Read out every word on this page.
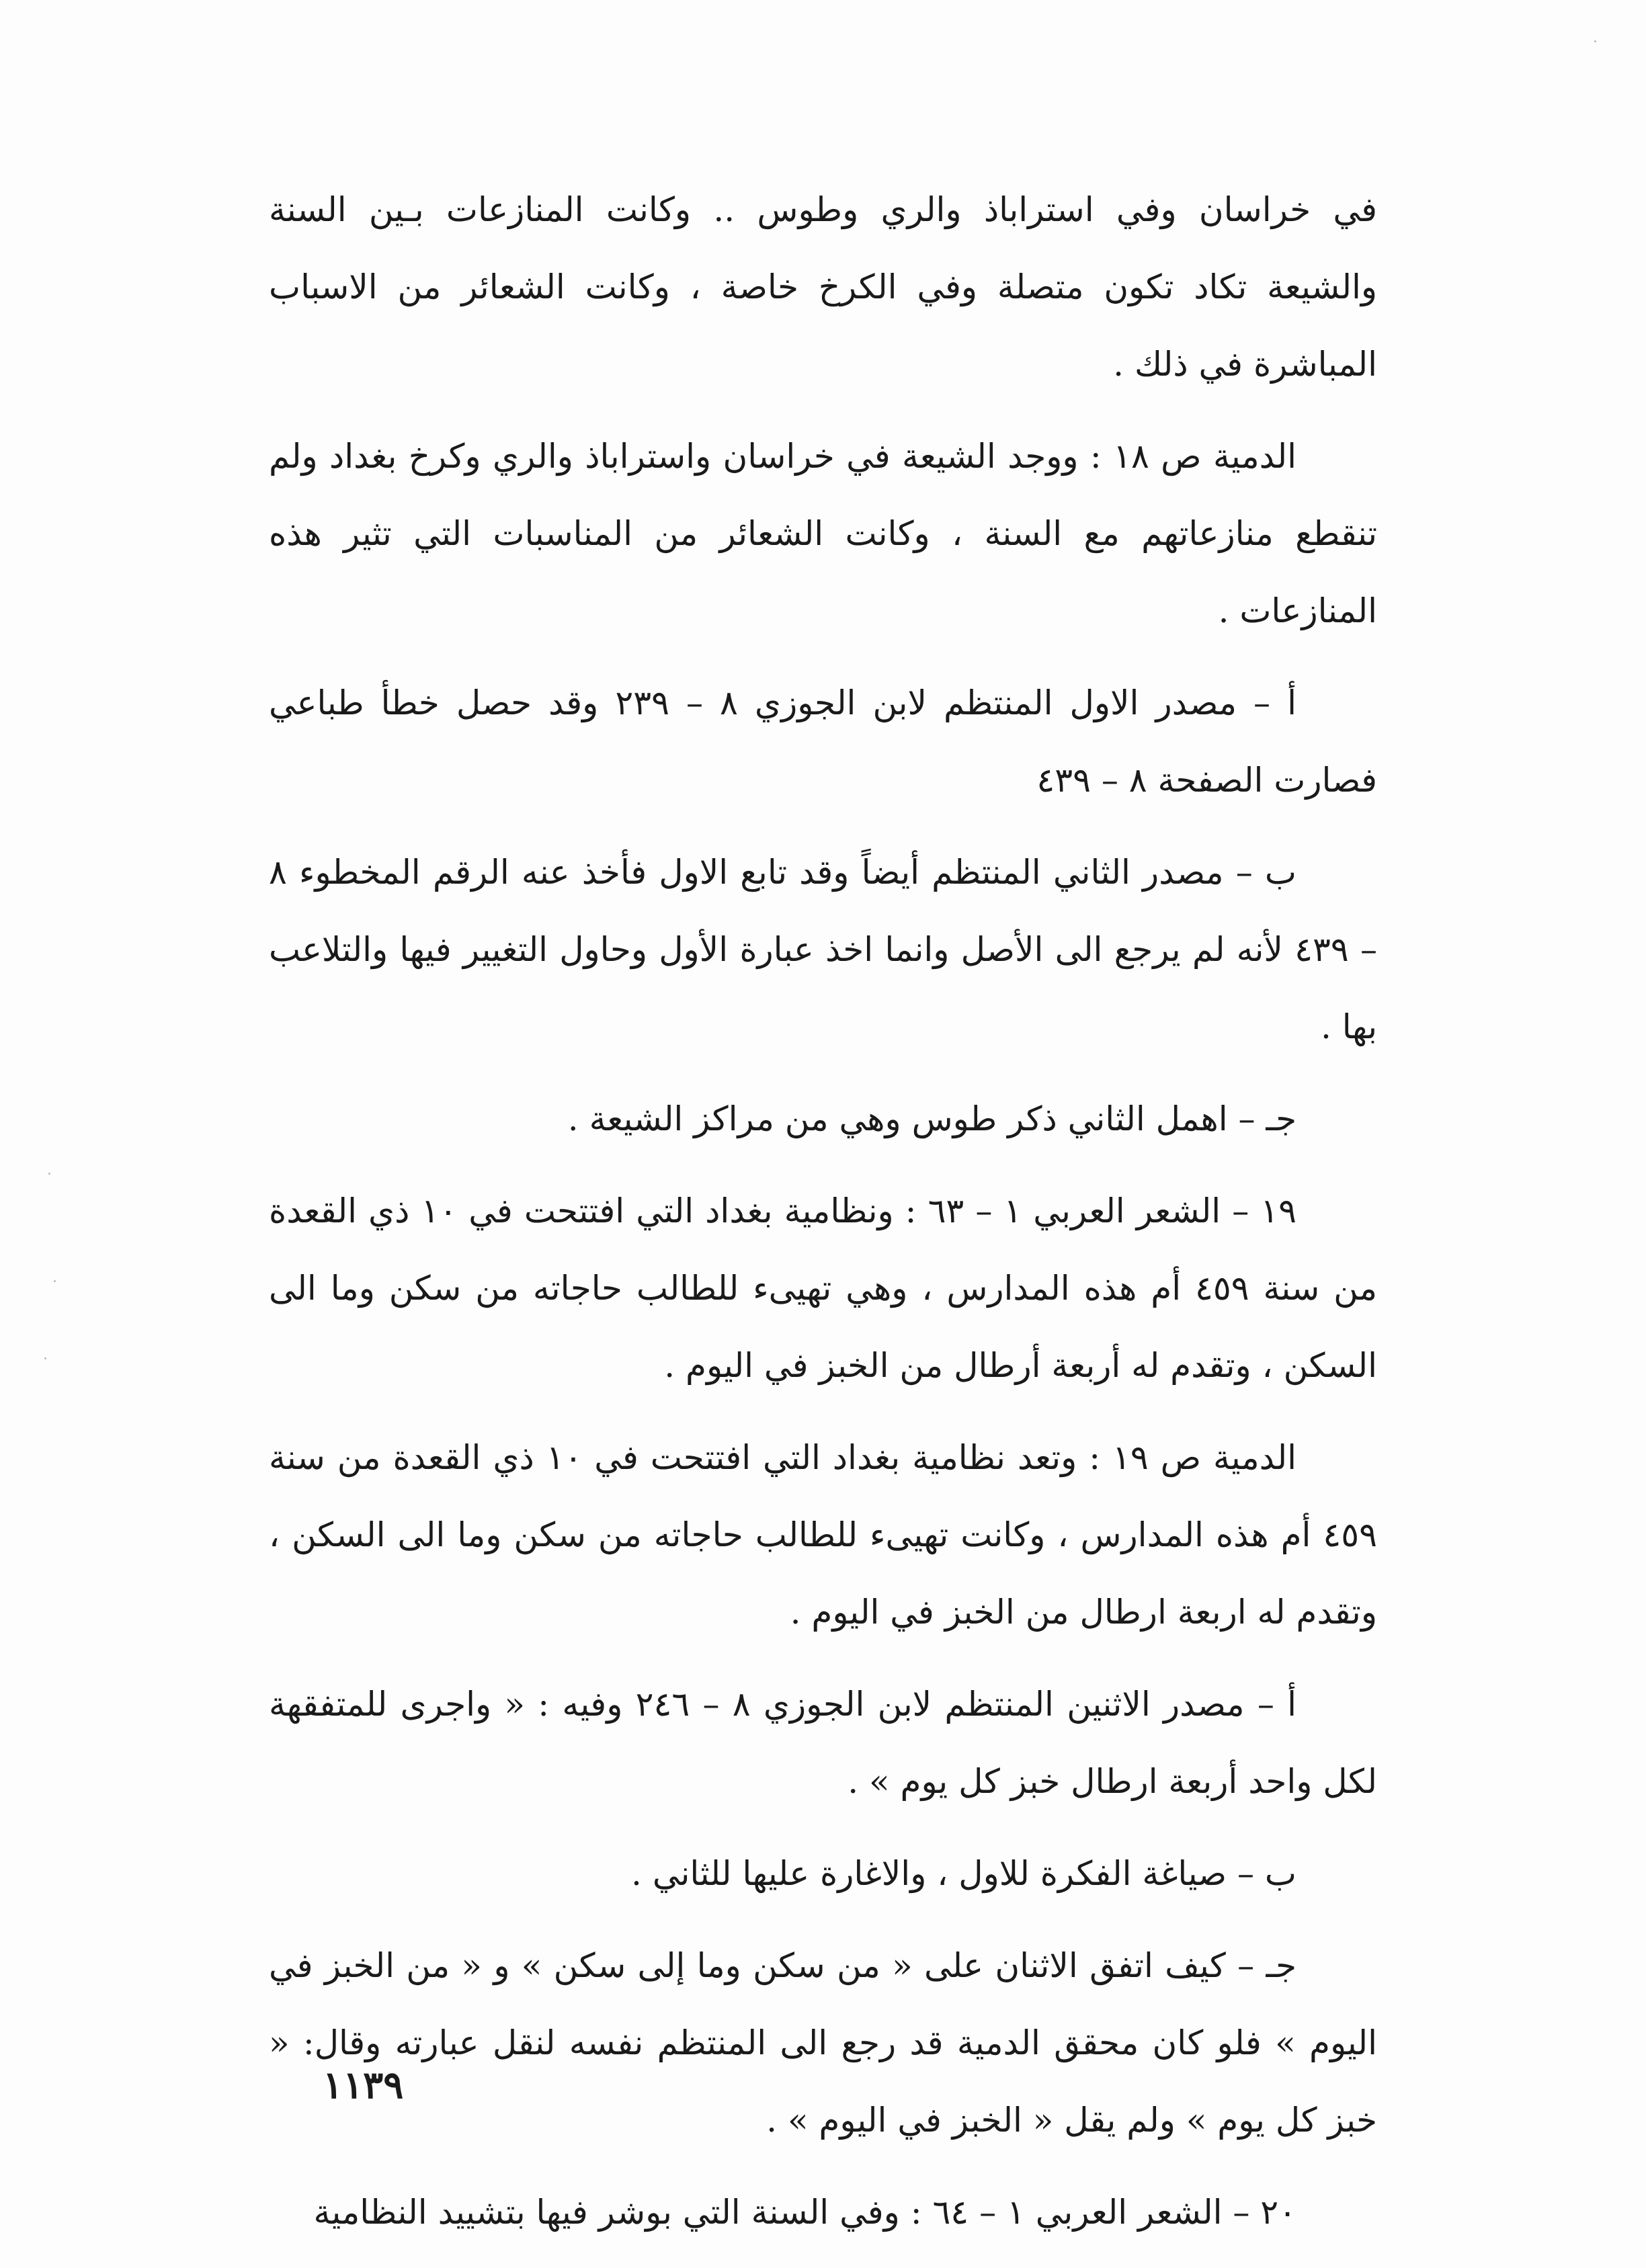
في خراسان وفي استراباذ والري وطوس .. وكانت المنازعات بـين السنة والشيعة تكاد تكون متصلة وفي الكرخ خاصة ، وكانت الشعائر من الاسباب المباشرة في ذلك .

الدمية ص ١٨ : ووجد الشيعة في خراسان واستراباذ والري وكرخ بغداد ولم تنقطع منازعاتهم مع السنة ، وكانت الشعائر من المناسبات التي تثير هذه المنازعات .

أ – مصدر الاول المنتظم لابن الجوزي ٨ – ٢٣٩ وقد حصل خطأ طباعي فصارت الصفحة ٨ – ٤٣٩

ب – مصدر الثاني المنتظم أيضاً وقد تابع الاول فأخذ عنه الرقم المخطوء ٨ – ٤٣٩ لأنه لم يرجع الى الأصل وانما اخذ عبارة الأول وحاول التغيير فيها والتلاعب بها .

جـ – اهمل الثاني ذكر طوس وهي من مراكز الشيعة .

١٩ – الشعر العربي ١ – ٦٣ : ونظامية بغداد التي افتتحت في ١٠ ذي القعدة من سنة ٤٥٩ أم هذه المدارس ، وهي تهيىء للطالب حاجاته من سكن وما الى السكن ، وتقدم له أربعة أرطال من الخبز في اليوم .

الدمية ص ١٩ : وتعد نظامية بغداد التي افتتحت في ١٠ ذي القعدة من سنة ٤٥٩ أم هذه المدارس ، وكانت تهيىء للطالب حاجاته من سكن وما الى السكن ، وتقدم له اربعة ارطال من الخبز في اليوم .

أ – مصدر الاثنين المنتظم لابن الجوزي ٨ – ٢٤٦ وفيه : « واجرى للمتفقهة لكل واحد أربعة ارطال خبز كل يوم » .

ب – صياغة الفكرة للاول ، والاغارة عليها للثاني .

جـ – كيف اتفق الاثنان على « من سكن وما إلى سكن » و « من الخبز في اليوم » فلو كان محقق الدمية قد رجع الى المنتظم نفسه لنقل عبارته وقال: « خبز كل يوم » ولم يقل « الخبز في اليوم » .

٢٠ – الشعر العربي ١ – ٦٤ : وفي السنة التي بوشر فيها بتشييد النظامية

١١٣٩
